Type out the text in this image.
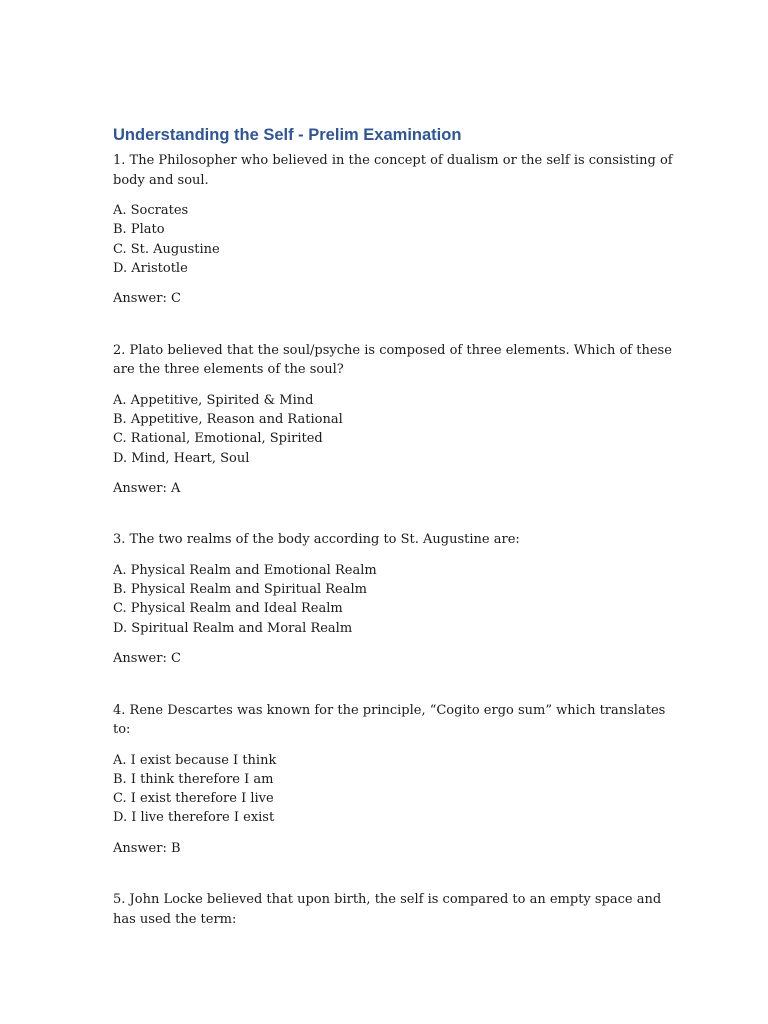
Understanding the Self - Prelim Examination
1. The Philosopher who believed in the concept of dualism or the self is consisting of body and soul.
A. Socrates
B. Plato
C. St. Augustine
D. Aristotle
Answer: C
2. Plato believed that the soul/psyche is composed of three elements. Which of these are the three elements of the soul?
A. Appetitive, Spirited & Mind
B. Appetitive, Reason and Rational
C. Rational, Emotional, Spirited
D. Mind, Heart, Soul
Answer: A
3. The two realms of the body according to St. Augustine are:
A. Physical Realm and Emotional Realm
B. Physical Realm and Spiritual Realm
C. Physical Realm and Ideal Realm
D. Spiritual Realm and Moral Realm
Answer: C
4. Rene Descartes was known for the principle, “Cogito ergo sum” which translates to:
A. I exist because I think
B. I think therefore I am
C. I exist therefore I live
D. I live therefore I exist
Answer: B
5. John Locke believed that upon birth, the self is compared to an empty space and has used the term:
